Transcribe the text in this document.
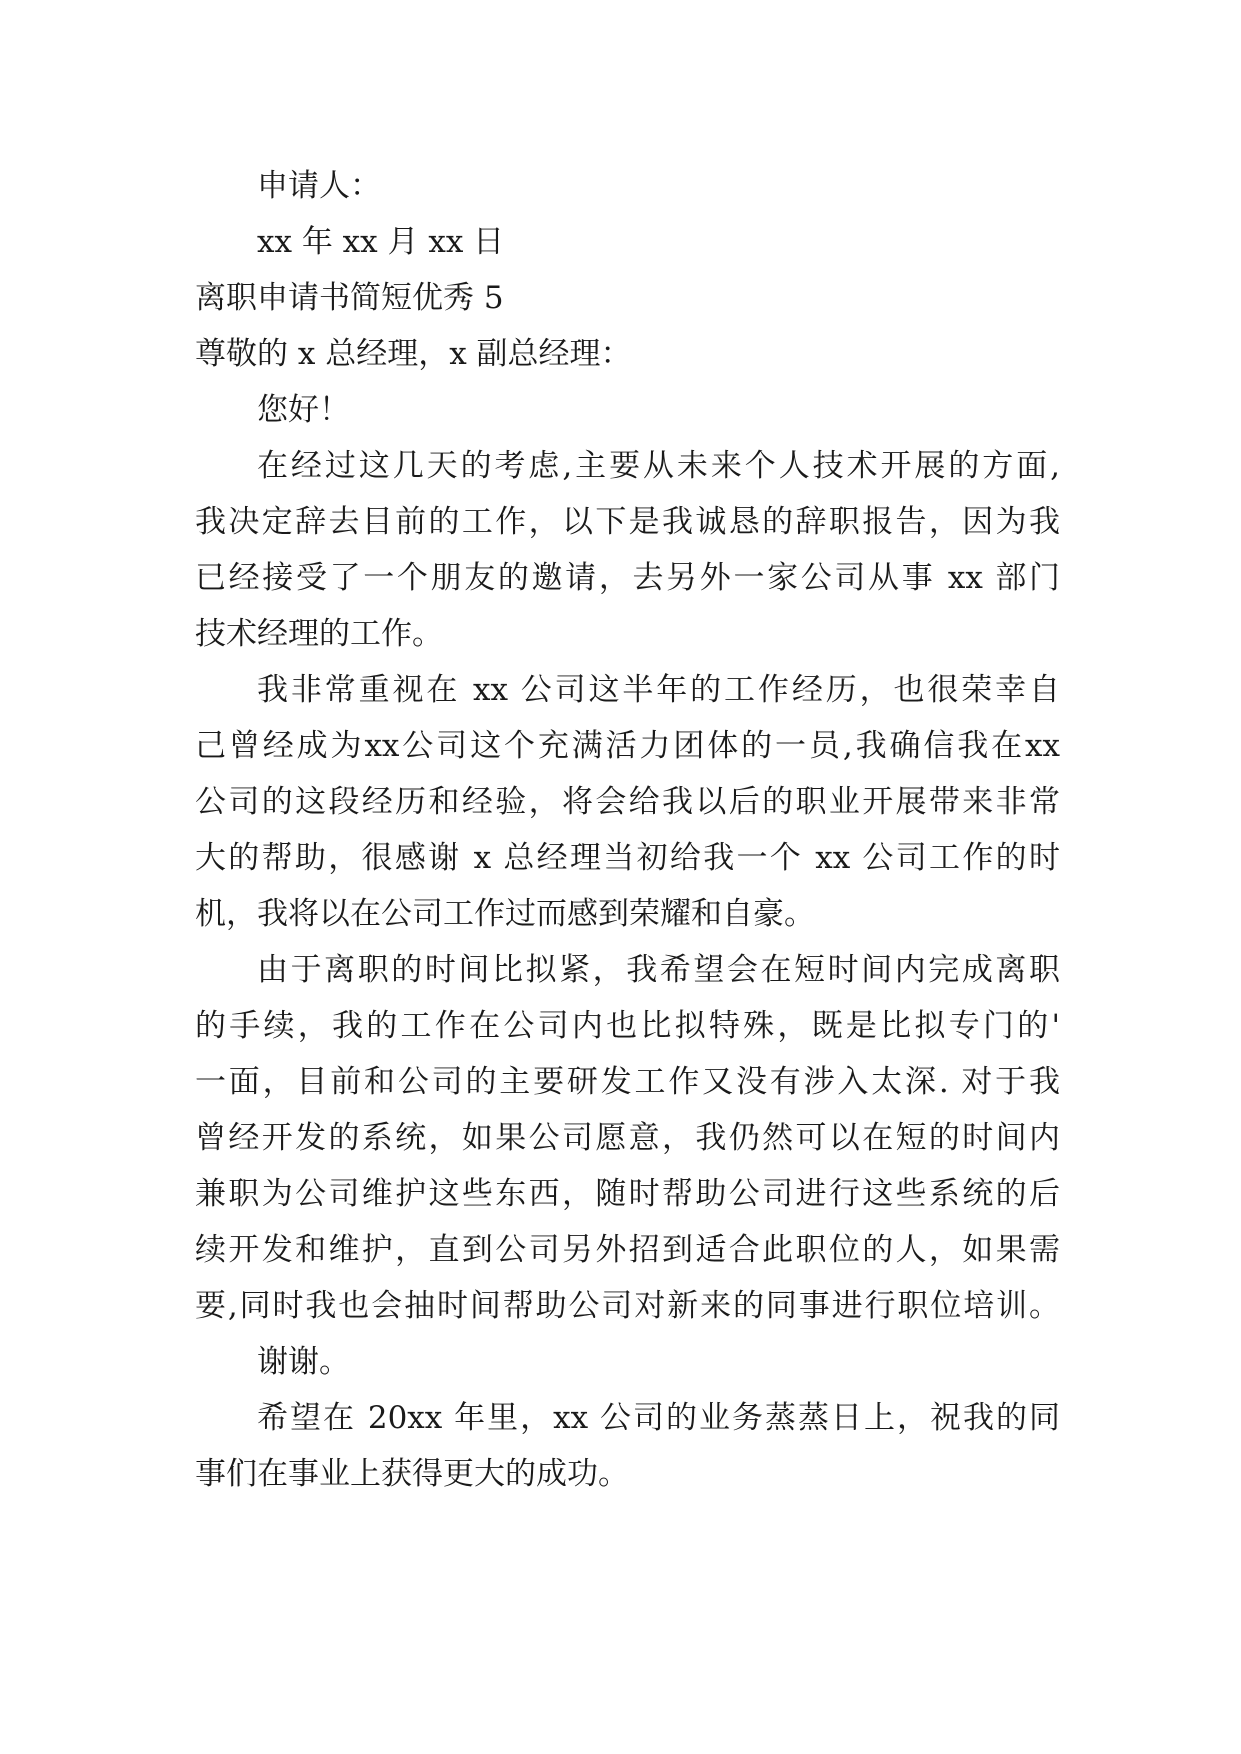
申请人：
xx 年 xx 月 xx 日
离职申请书简短优秀 5
尊敬的 x 总经理，x 副总经理：
您好！
在经过这几天的考虑,主要从未来个人技术开展的方面,
我决定辞去目前的工作，以下是我诚恳的辞职报告，因为我
已经接受了一个朋友的邀请，去另外一家公司从事 xx 部门
技术经理的工作。
我非常重视在 xx 公司这半年的工作经历，也很荣幸自
己曾经成为xx公司这个充满活力团体的一员,我确信我在xx
公司的这段经历和经验，将会给我以后的职业开展带来非常
大的帮助，很感谢 x 总经理当初给我一个 xx 公司工作的时
机，我将以在公司工作过而感到荣耀和自豪。
由于离职的时间比拟紧，我希望会在短时间内完成离职
的手续，我的工作在公司内也比拟特殊，既是比拟专门的'
一面，目前和公司的主要研发工作又没有涉入太深. 对于我
曾经开发的系统，如果公司愿意，我仍然可以在短的时间内
兼职为公司维护这些东西，随时帮助公司进行这些系统的后
续开发和维护，直到公司另外招到适合此职位的人，如果需
要,同时我也会抽时间帮助公司对新来的同事进行职位培训。
谢谢。
希望在 20xx 年里，xx 公司的业务蒸蒸日上，祝我的同
事们在事业上获得更大的成功。
